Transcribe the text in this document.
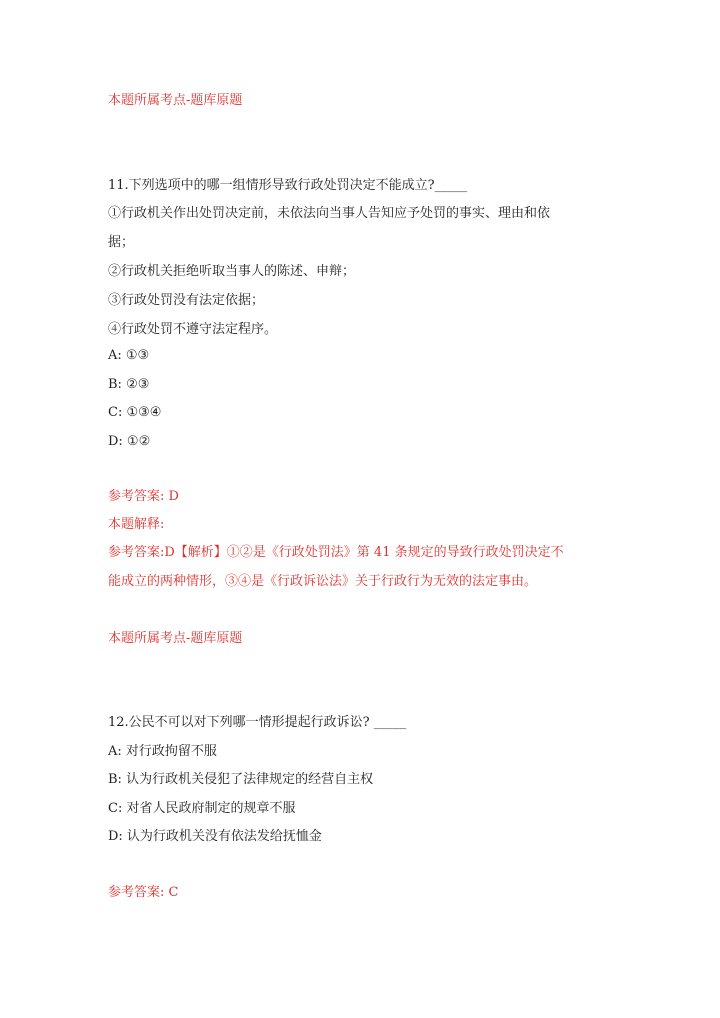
本题所属考点-题库原题
11.下列选项中的哪一组情形导致行政处罚决定不能成立?_____
①行政机关作出处罚决定前，未依法向当事人告知应予处罚的事实、理由和依
据；
②行政机关拒绝听取当事人的陈述、申辩；
③行政处罚没有法定依据；
④行政处罚不遵守法定程序。
A: ①③
B: ②③
C: ①③④
D: ①②
参考答案: D
本题解释:
参考答案:D【解析】①②是《行政处罚法》第 41 条规定的导致行政处罚决定不
能成立的两种情形，③④是《行政诉讼法》关于行政行为无效的法定事由。
本题所属考点-题库原题
12.公民不可以对下列哪一情形提起行政诉讼? _____
A: 对行政拘留不服
B: 认为行政机关侵犯了法律规定的经营自主权
C: 对省人民政府制定的规章不服
D: 认为行政机关没有依法发给抚恤金
参考答案: C
